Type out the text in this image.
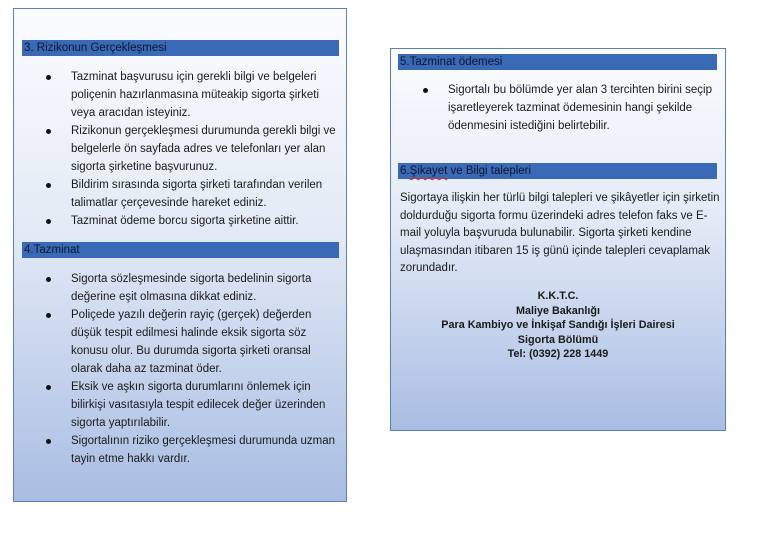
3. Rizikonun Gerçekleşmesi
Tazminat başvurusu için gerekli bilgi ve belgeleri poliçenin hazırlanmasına müteakip sigorta şirketi veya aracıdan isteyiniz.
Rizikonun gerçekleşmesi durumunda gerekli bilgi ve belgelerle ön sayfada adres ve telefonları yer alan sigorta şirketine başvurunuz.
Bildirim sırasında sigorta şirketi tarafından verilen talimatlar çerçevesinde hareket ediniz.
Tazminat ödeme borcu sigorta şirketine aittir.
4.Tazminat
Sigorta sözleşmesinde sigorta bedelinin sigorta değerine eşit olmasına dikkat ediniz.
Poliçede yazılı değerin rayiç (gerçek) değerden düşük tespit edilmesi halinde eksik sigorta söz konusu olur. Bu durumda sigorta şirketi oransal olarak daha az tazminat öder.
Eksik ve aşkın sigorta durumlarını önlemek için bilirkişi vasıtasıyla tespit edilecek değer üzerinden sigorta yaptırılabilir.
Sigortalının riziko gerçekleşmesi durumunda uzman tayin etme hakkı vardır.
5.Tazminat ödemesi
Sigortalı bu bölümde yer alan 3 tercihten birini seçip işaretleyerek tazminat ödemesinin hangi şekilde ödenmesini istediğini belirtebilir.
6.Şikayet ve Bilgi talepleri

Sigortaya ilişkin her türlü bilgi talepleri ve şikâyetler için şirketin doldurduğu sigorta formu üzerindeki adres telefon faks ve E-mail yoluyla başvuruda bulunabilir. Sigorta şirketi kendine ulaşmasından itibaren 15 iş günü içinde talepleri cevaplamak zorundadır.

K.K.T.C.
Maliye Bakanlığı
Para Kambiyo ve İnkişaf Sandığı İşleri Dairesi
Sigorta Bölümü
Tel: (0392) 228 1449
